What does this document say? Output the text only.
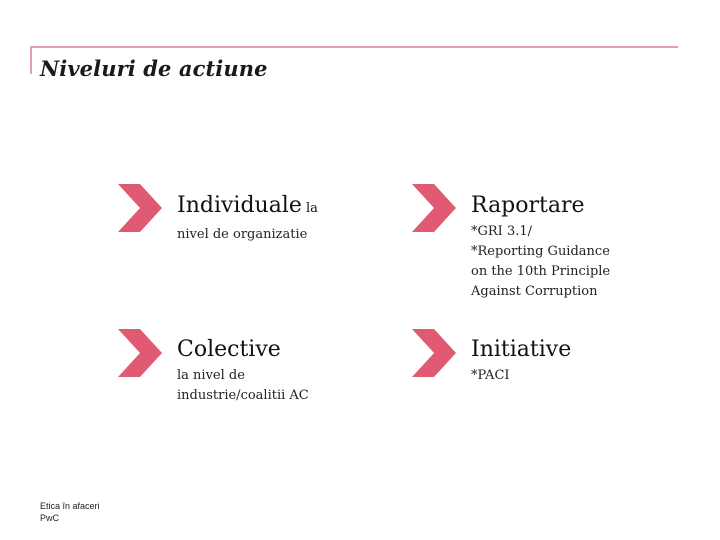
Niveluri de actiune
Individuale la
nivel de organizatie
Raportare
*GRI 3.1/
*Reporting Guidance
on the 10th Principle
Against Corruption
Colective
la nivel de
industrie/coalitii AC
Initiative
*PACI
Etica în afaceri
PwC
